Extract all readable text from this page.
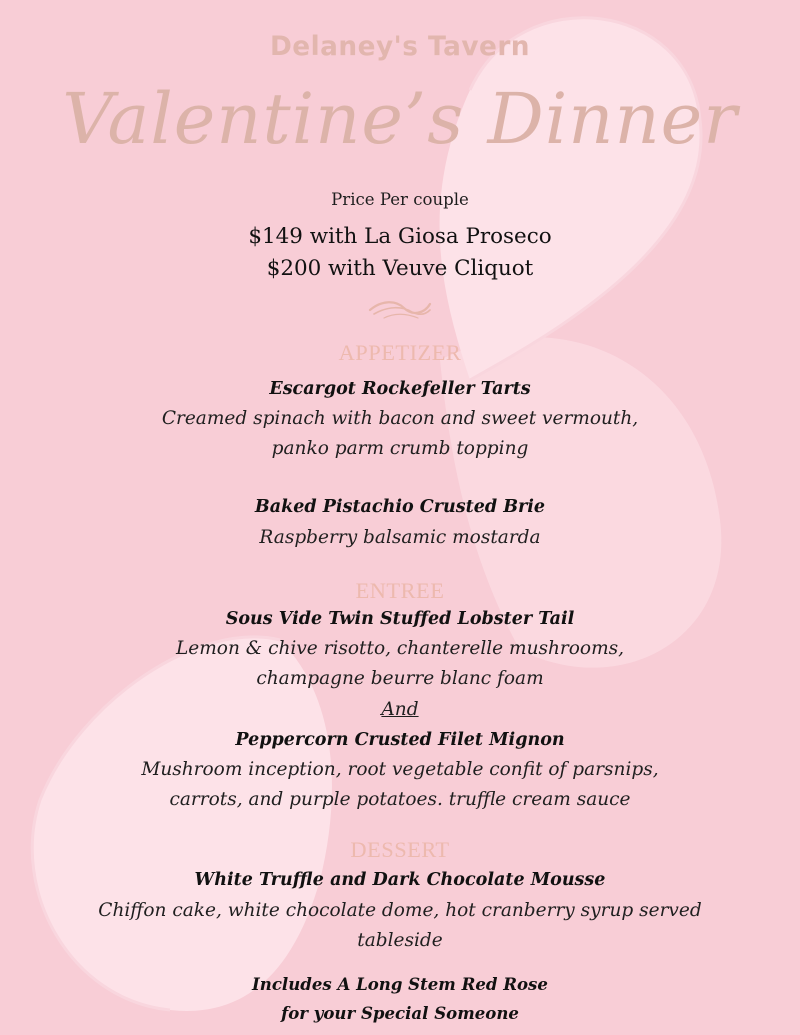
Delaney's Tavern
Valentine’s Dinner
Price Per couple
$149 with La Giosa Proseco
$200 with Veuve Cliquot
APPETIZER
Escargot Rockefeller Tarts
Creamed spinach with bacon and sweet vermouth,
panko parm crumb topping
Baked Pistachio Crusted Brie
Raspberry balsamic mostarda
ENTREE
Sous Vide Twin Stuffed Lobster Tail
Lemon & chive risotto, chanterelle mushrooms,
champagne beurre blanc foam
And
Peppercorn Crusted Filet Mignon
Mushroom inception, root vegetable confit of parsnips,
carrots, and purple potatoes. truffle cream sauce
DESSERT
White Truffle and Dark Chocolate Mousse
Chiffon cake, white chocolate dome, hot cranberry syrup served
tableside
Includes A Long Stem Red Rose
for your Special Someone
